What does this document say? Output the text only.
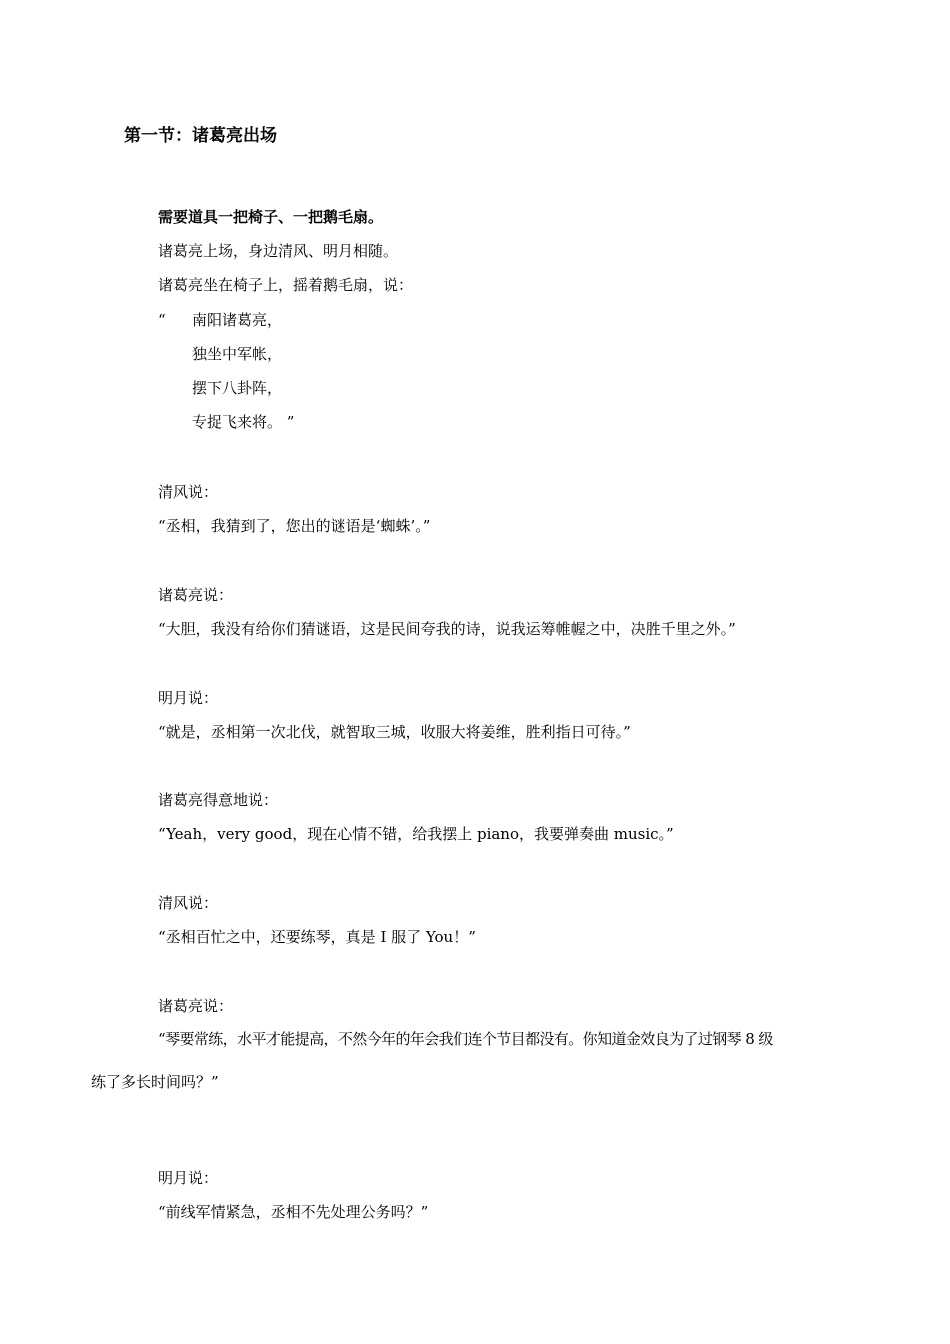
第一节：诸葛亮出场
需要道具一把椅子、一把鹅毛扇。
诸葛亮上场，身边清风、明月相随。
诸葛亮坐在椅子上，摇着鹅毛扇，说：
“ 南阳诸葛亮，
独坐中军帐，
摆下八卦阵，
专捉飞来将。 ”
清风说：
“丞相，我猜到了，您出的谜语是‘蜘蛛’。”
诸葛亮说：
“大胆，我没有给你们猜谜语，这是民间夸我的诗，说我运筹帷幄之中，决胜千里之外。”
明月说：
“就是，丞相第一次北伐，就智取三城，收服大将姜维，胜利指日可待。”
诸葛亮得意地说：
“Yeah，very good，现在心情不错，给我摆上 piano，我要弹奏曲 music。”
清风说：
“丞相百忙之中，还要练琴，真是 I 服了 You！”
诸葛亮说：
“琴要常练，水平才能提高，不然今年的年会我们连个节目都没有。你知道金效良为了过钢琴 8 级
练了多长时间吗？”
明月说：
“前线军情紧急，丞相不先处理公务吗？”
